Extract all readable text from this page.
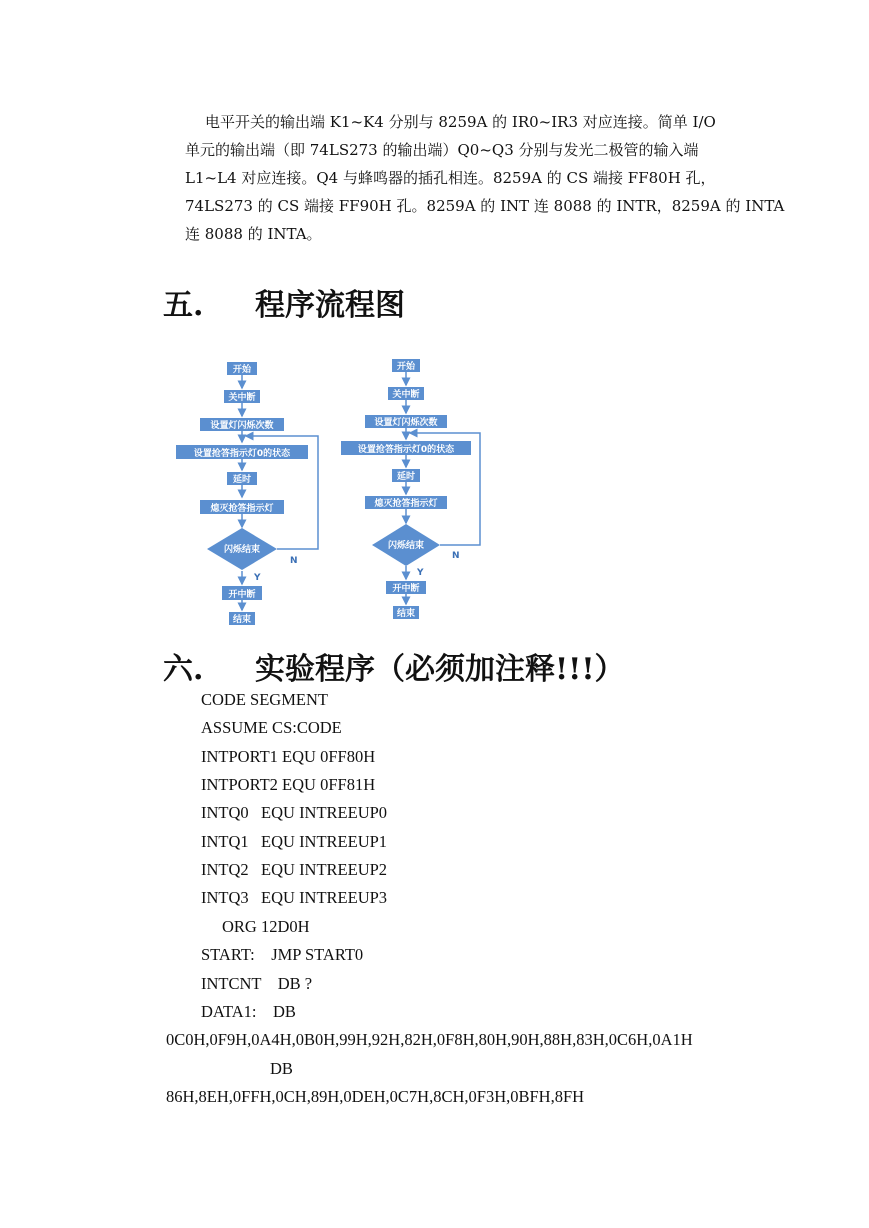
电平开关的输出端 K1~K4 分别与 8259A 的 IR0~IR3 对应连接。简单 I/O
单元的输出端（即 74LS273 的输出端）Q0~Q3 分别与发光二极管的输入端
L1~L4 对应连接。Q4 与蜂鸣器的插孔相连。8259A 的 CS 端接 FF80H 孔，
74LS273 的 CS 端接 FF90H 孔。8259A 的 INT 连 8088 的 INTR，8259A 的 INTA
连 8088 的 INTA。
五. 程序流程图
开始
关中断
设置灯闪烁次数
设置抢答指示灯0的状态
延时
熄灭抢答指示灯
闪烁结束
开中断
结束
N
Y
开始
关中断
设置灯闪烁次数
设置抢答指示灯0的状态
延时
熄灭抢答指示灯
闪烁结束
开中断
结束
N
Y
六. 实验程序（必须加注释!!!）
CODE SEGMENT
ASSUME CS:CODE
INTPORT1 EQU 0FF80H
INTPORT2 EQU 0FF81H
INTQ0   EQU INTREEUP0
INTQ1   EQU INTREEUP1
INTQ2   EQU INTREEUP2
INTQ3   EQU INTREEUP3
ORG 12D0H
START:    JMP START0
INTCNT    DB ?
DATA1:    DB
0C0H,0F9H,0A4H,0B0H,99H,92H,82H,0F8H,80H,90H,88H,83H,0C6H,0A1H
DB
86H,8EH,0FFH,0CH,89H,0DEH,0C7H,8CH,0F3H,0BFH,8FH
